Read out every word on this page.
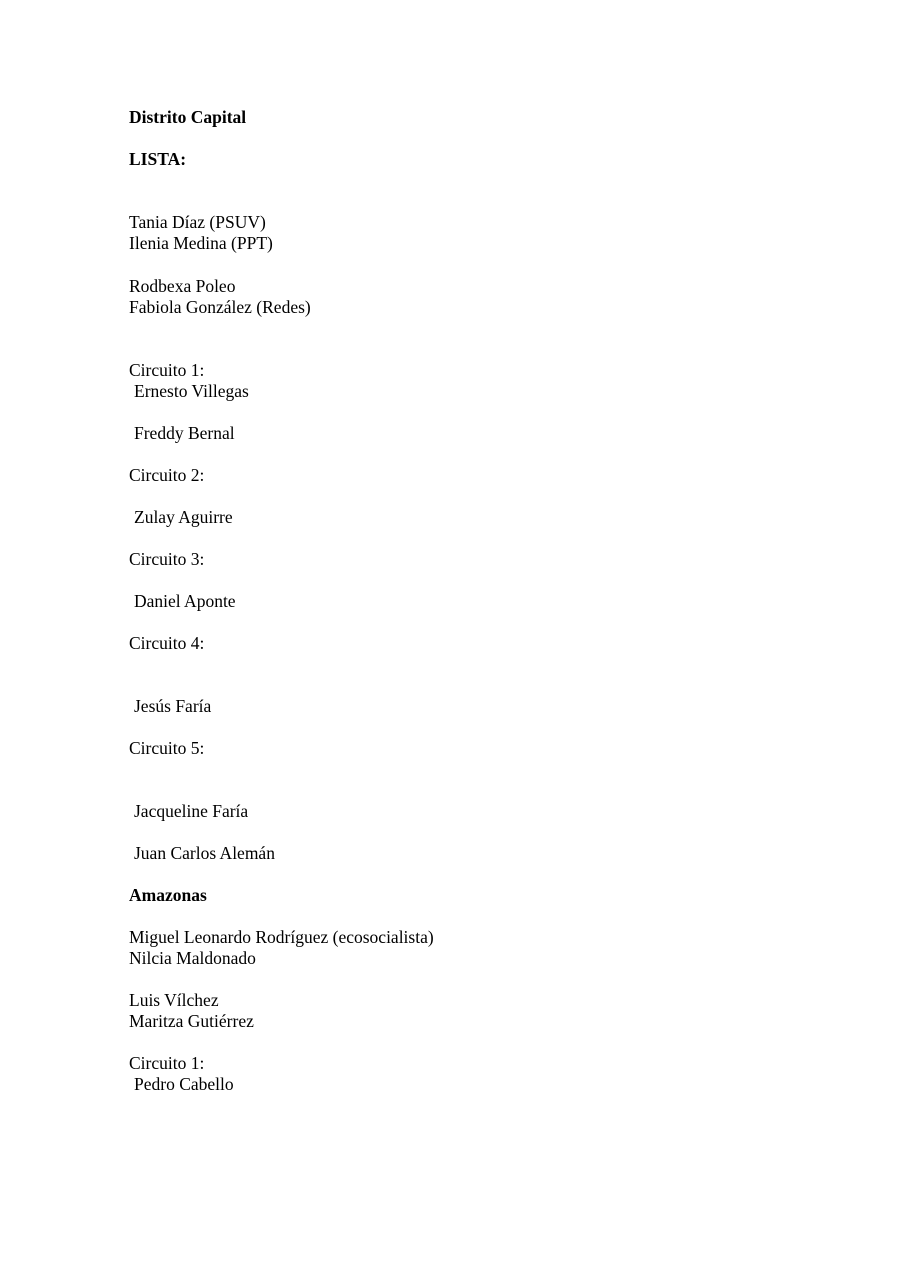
Distrito Capital
LISTA:
Tania Díaz (PSUV)
Ilenia Medina (PPT)
Rodbexa Poleo
Fabiola González (Redes)
Circuito 1:
Ernesto Villegas
Freddy Bernal
Circuito 2:
Zulay Aguirre
Circuito 3:
Daniel Aponte
Circuito 4:
Jesús Faría
Circuito 5:
Jacqueline Faría
Juan Carlos Alemán
Amazonas
Miguel Leonardo Rodríguez (ecosocialista)
Nilcia Maldonado
Luis Vílchez
Maritza Gutiérrez
Circuito 1:
Pedro Cabello
